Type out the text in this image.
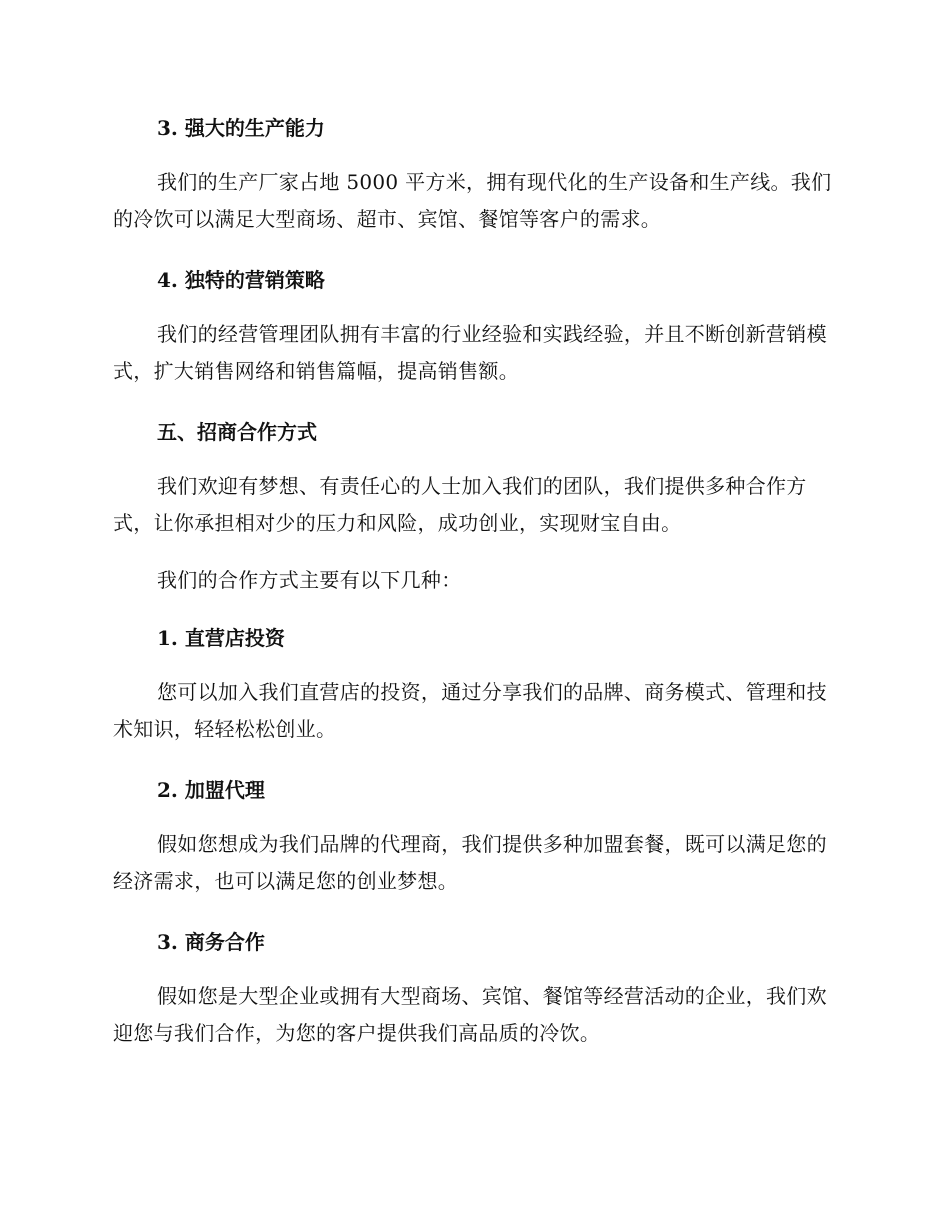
3. 强大的生产能力
我们的生产厂家占地 5000 平方米，拥有现代化的生产设备和生产线。我们的冷饮可以满足大型商场、超市、宾馆、餐馆等客户的需求。
4. 独特的营销策略
我们的经营管理团队拥有丰富的行业经验和实践经验，并且不断创新营销模式，扩大销售网络和销售篇幅，提高销售额。
五、招商合作方式
我们欢迎有梦想、有责任心的人士加入我们的团队，我们提供多种合作方式，让你承担相对少的压力和风险，成功创业，实现财宝自由。
我们的合作方式主要有以下几种：
1. 直营店投资
您可以加入我们直营店的投资，通过分享我们的品牌、商务模式、管理和技术知识，轻轻松松创业。
2. 加盟代理
假如您想成为我们品牌的代理商，我们提供多种加盟套餐，既可以满足您的经济需求，也可以满足您的创业梦想。
3. 商务合作
假如您是大型企业或拥有大型商场、宾馆、餐馆等经营活动的企业，我们欢迎您与我们合作，为您的客户提供我们高品质的冷饮。
